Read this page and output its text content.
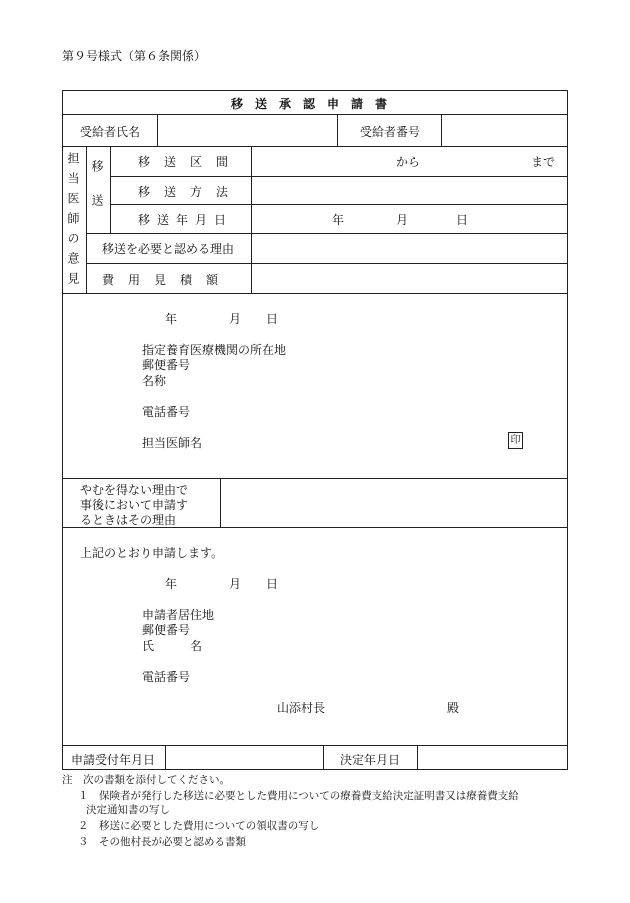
第９号様式（第６条関係）
移送承認申請書
受給者氏名	受給者番号
担当医師の意見 移送	移送区間	から	まで
移送方法
移送年月日	年	月	日
移送を必要と認める理由
費用見積額
年	月 日
指定養育医療機関の所在地
郵便番号
名称
電話番号
担当医師名	印
やむを得ない理由で
事後において申請す
るときはその理由
上記のとおり申請します。
年	月 日
申請者居住地
郵便番号
氏　　　名
電話番号
山添村長	殿
申請受付年月日	決定年月日
注　次の書類を添付してください。
１　保険者が発行した移送に必要とした費用についての療養費支給決定証明書又は療養費支給
決定通知書の写し
２　移送に必要とした費用についての領収書の写し
３　その他村長が必要と認める書類
